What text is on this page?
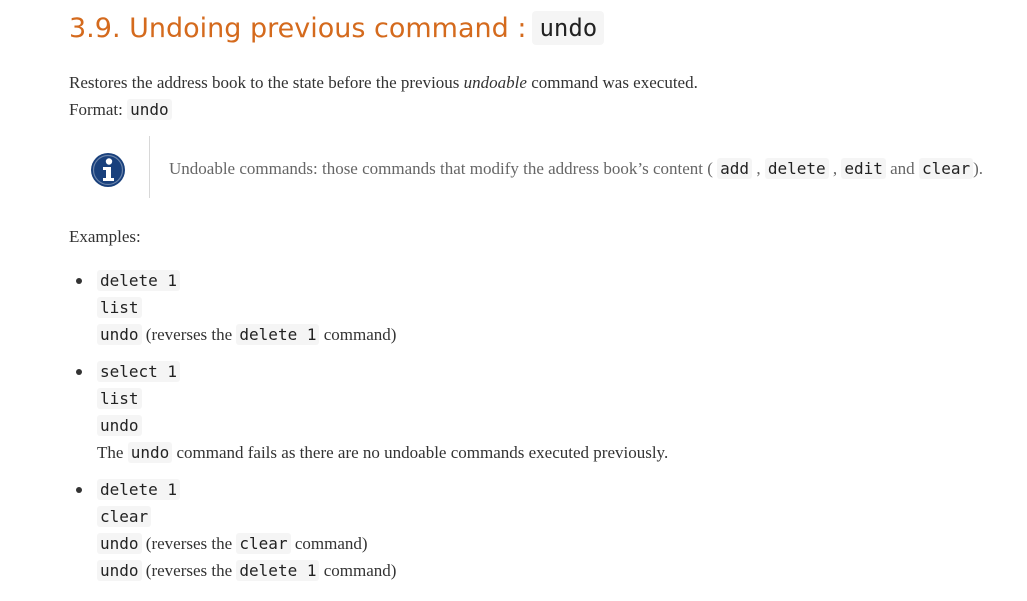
3.9. Undoing previous command : undo

Restores the address book to the state before the previous undoable command was executed.

Format: undo

Undoable commands: those commands that modify the address book’s content ( add , delete , edit and clear ).

Examples:

delete 1
list
undo (reverses the delete 1 command)
select 1
list
undo
The undo command fails as there are no undoable commands executed previously.
delete 1
clear
undo (reverses the clear command)
undo (reverses the delete 1 command)
